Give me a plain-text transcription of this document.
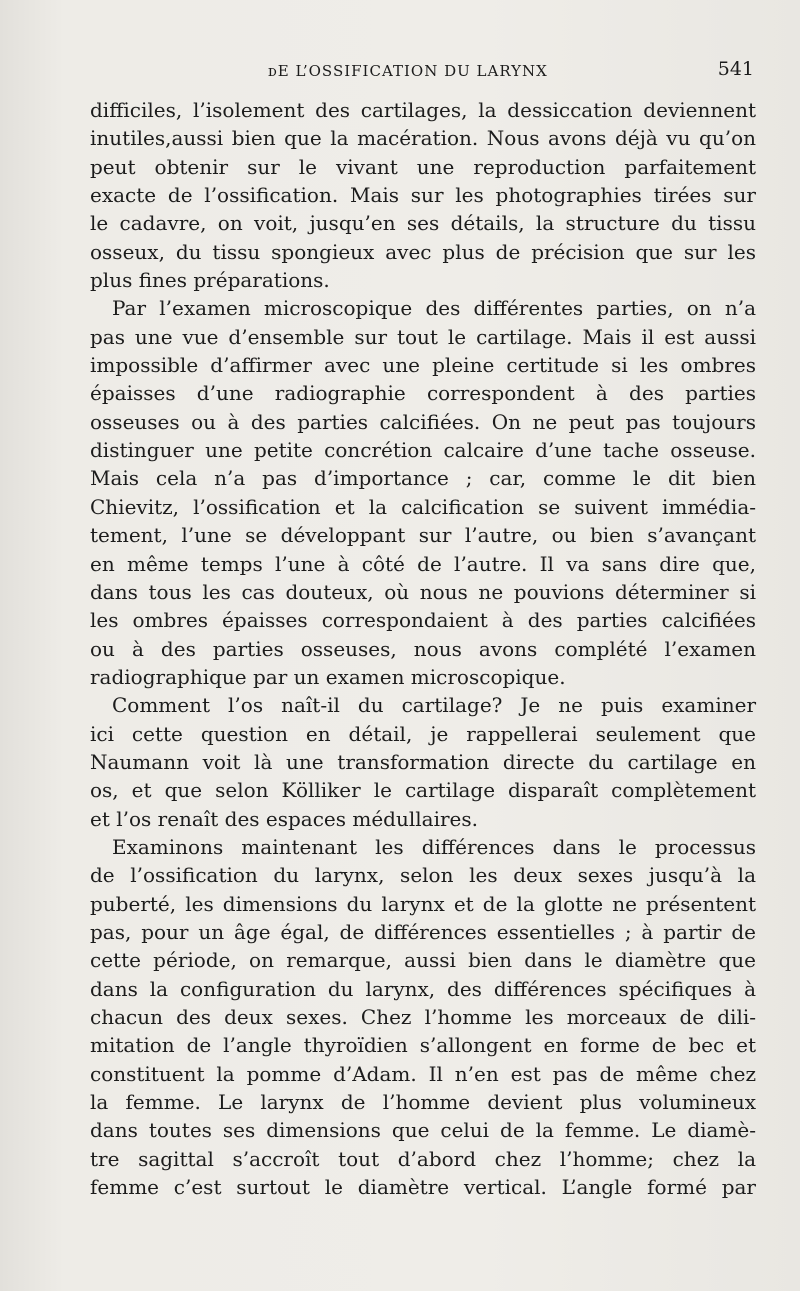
ᴅE L’OSSIFICATION DU LARYNX	541
difficiles, l’isolement des cartilages, la dessiccation deviennent
inutiles,aussi bien que la macération. Nous avons déjà vu qu’on
peut obtenir sur le vivant une reproduction parfaitement
exacte de l’ossification. Mais sur les photographies tirées sur
le cadavre, on voit, jusqu’en ses détails, la structure du tissu
osseux, du tissu spongieux avec plus de précision que sur les
plus fines préparations.
Par l’examen microscopique des différentes parties, on n’a
pas une vue d’ensemble sur tout le cartilage. Mais il est aussi
impossible d’affirmer avec une pleine certitude si les ombres
épaisses d’une radiographie correspondent à des parties
osseuses ou à des parties calcifiées. On ne peut pas toujours
distinguer une petite concrétion calcaire d’une tache osseuse.
Mais cela n’a pas d’importance ; car, comme le dit bien
Chievitz, l’ossification et la calcification se suivent immédia-
tement, l’une se développant sur l’autre, ou bien s’avançant
en même temps l’une à côté de l’autre. Il va sans dire que,
dans tous les cas douteux, où nous ne pouvions déterminer si
les ombres épaisses correspondaient à des parties calcifiées
ou à des parties osseuses, nous avons complété l’examen
radiographique par un examen microscopique.
Comment l’os naît-il du cartilage? Je ne puis examiner
ici cette question en détail, je rappellerai seulement que
Naumann voit là une transformation directe du cartilage en
os, et que selon Kölliker le cartilage disparaît complètement
et l’os renaît des espaces médullaires.
Examinons maintenant les différences dans le processus
de l’ossification du larynx, selon les deux sexes jusqu’à la
puberté, les dimensions du larynx et de la glotte ne présentent
pas, pour un âge égal, de différences essentielles ; à partir de
cette période, on remarque, aussi bien dans le diamètre que
dans la configuration du larynx, des différences spécifiques à
chacun des deux sexes. Chez l’homme les morceaux de dili-
mitation de l’angle thyroïdien s’allongent en forme de bec et
constituent la pomme d’Adam. Il n’en est pas de même chez
la femme. Le larynx de l’homme devient plus volumineux
dans toutes ses dimensions que celui de la femme. Le diamè-
tre sagittal s’accroît tout d’abord chez l’homme; chez la
femme c’est surtout le diamètre vertical. L’angle formé par
